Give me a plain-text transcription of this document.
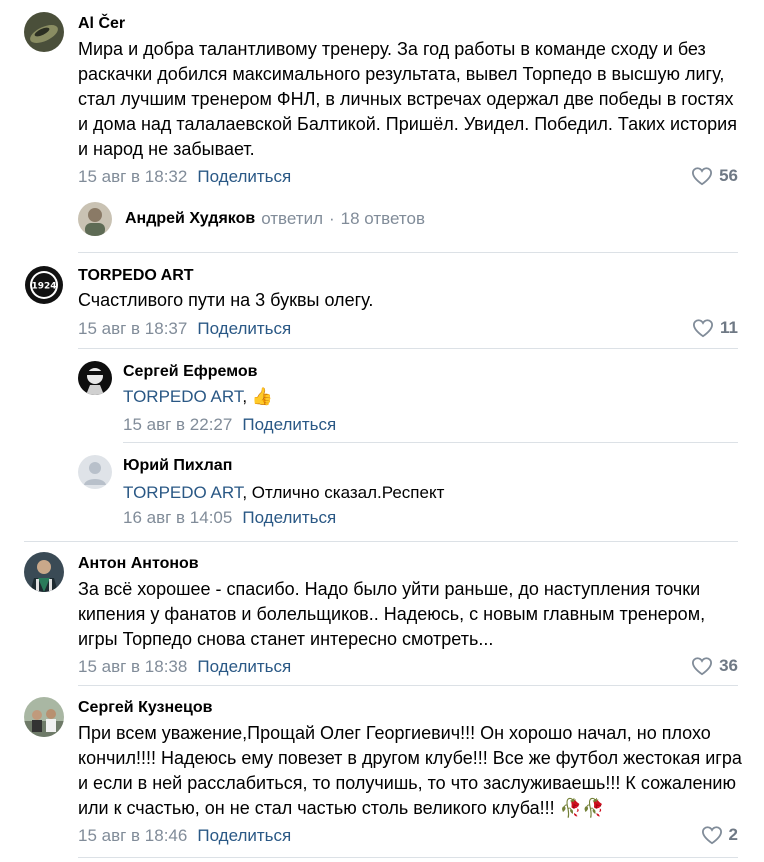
Al Čer
Мира и добра талантливому тренеру. За год работы в команде сходу и без раскачки добился максимального результата, вывел Торпедо в высшую лигу, стал лучшим тренером ФНЛ, в личных встречах одержал две победы в гостях и дома над талалаевской Балтикой. Пришёл. Увидел. Победил. Таких история и народ не забывает.
15 авг в 18:32 Поделиться	56
Андрей Худяков ответил · 18 ответов
1924
TORPEDO ART
Счастливого пути на 3 буквы олегу.
15 авг в 18:37 Поделиться	11
Сергей Ефремов
TORPEDO ART, 👍
15 авг в 22:27 Поделиться
Юрий Пихлап
TORPEDO ART, Отлично сказал.Респект
16 авг в 14:05 Поделиться
Антон Антонов
За всё хорошее - спасибо. Надо было уйти раньше, до наступления точки кипения у фанатов и болельщиков.. Надеюсь, с новым главным тренером, игры Торпедо снова станет интересно смотреть...
15 авг в 18:38 Поделиться	36
Сергей Кузнецов
При всем уважение,Прощай Олег Георгиевич!!! Он хорошо начал, но плохо кончил!!!! Надеюсь ему повезет в другом клубе!!! Все же футбол жестокая игра и если в ней расслабиться, то получишь, то что заслуживаешь!!! К сожалению или к счастью, он не стал частью столь великого клуба!!! 🥀🥀
15 авг в 18:46 Поделиться	2
